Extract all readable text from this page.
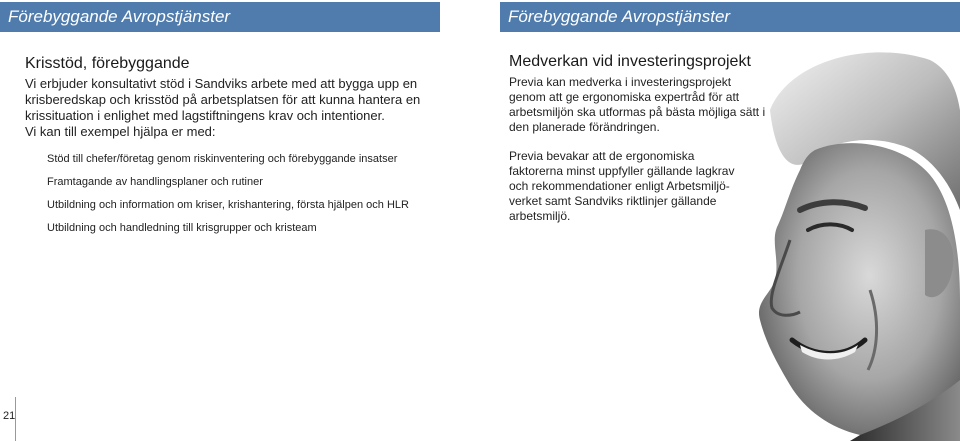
Förebyggande Avropstjänster
Krisstöd, förebyggande
Vi erbjuder konsultativt stöd i Sandviks arbete med att bygga upp en
krisberedskap och krisstöd på arbetsplatsen för att kunna hantera en
krissituation i enlighet med lagstiftningens krav och intentioner.
Vi kan till exempel hjälpa er med:
Stöd till chefer/företag genom riskinventering och förebyggande insatser
Framtagande av handlingsplaner och rutiner
Utbildning och information om kriser, krishantering, första hjälpen och HLR
Utbildning och handledning till krisgrupper och kristeam
21
Förebyggande Avropstjänster
Medverkan vid investeringsprojekt
Previa kan medverka i investeringsprojekt
genom att ge ergonomiska expertråd för att
arbetsmiljön ska utformas på bästa möjliga sätt i
den planerade förändringen.
Previa bevakar att de ergonomiska
faktorerna minst uppfyller gällande lagkrav
och rekommendationer enligt Arbetsmiljö-
verket samt Sandviks riktlinjer gällande
arbetsmiljö.
